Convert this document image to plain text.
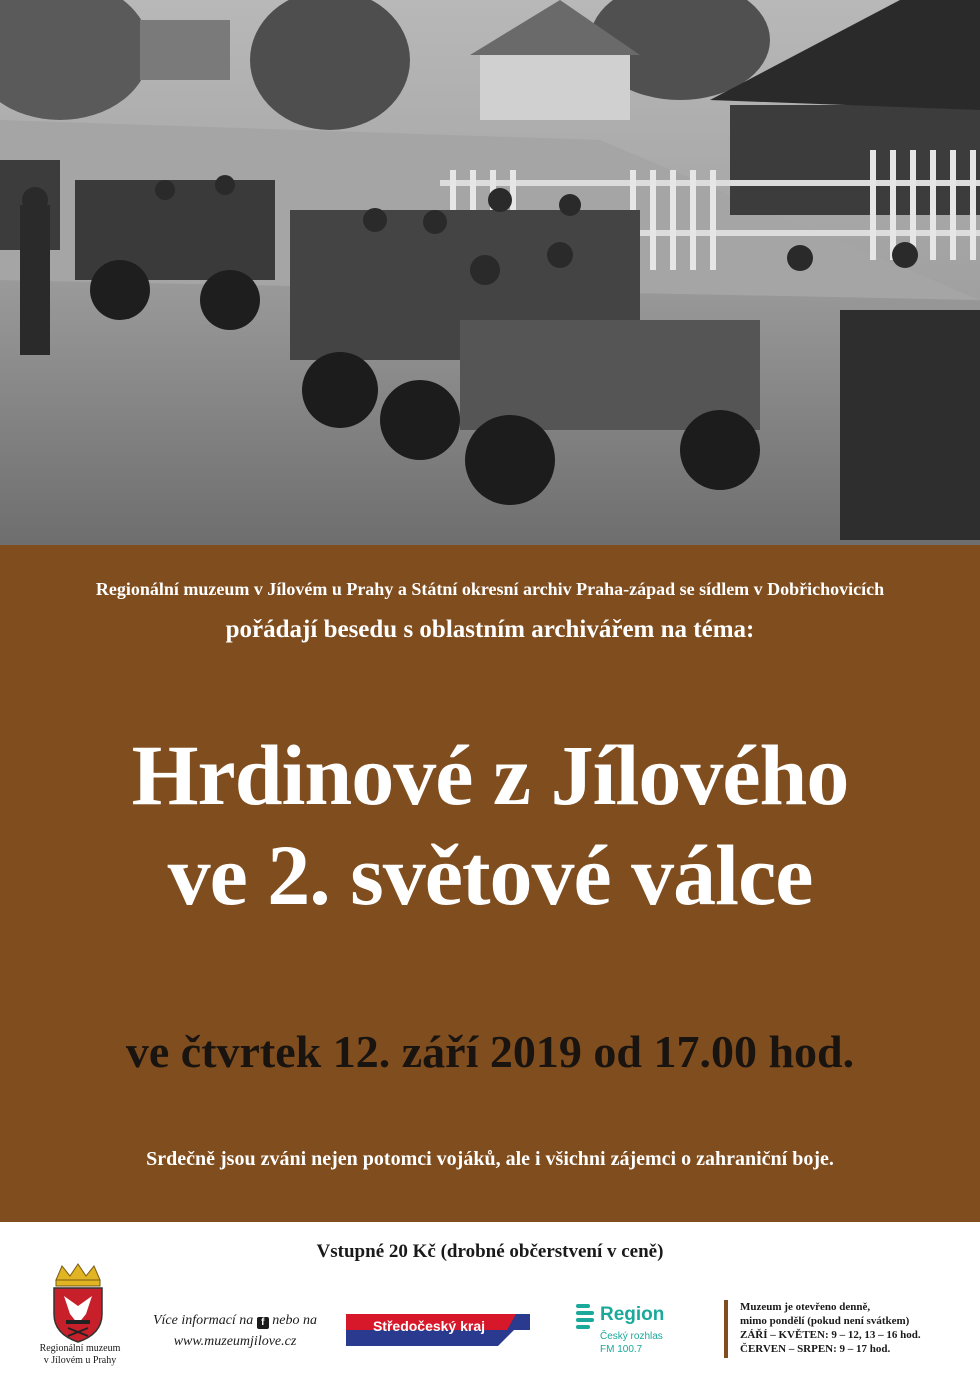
Regionální muzeum v Jílovém u Prahy a Státní okresní archiv Praha-západ se sídlem v Dobřichovicích
pořádají besedu s oblastním archivářem na téma:
Hrdinové z Jílového
ve 2. světové válce
ve čtvrtek 12. září 2019 od 17.00 hod.
Srdečně jsou zváni nejen potomci vojáků, ale i všichni zájemci o zahraniční boje.
Vstupné 20 Kč (drobné občerstvení v ceně)
Regionální muzeum
v Jílovém u Prahy
Více informací na f nebo na
www.muzeumjilove.cz
Středočeský kraj
Region
Český rozhlas
FM 100.7
Muzeum je otevřeno denně,
mimo pondělí (pokud není svátkem)
ZÁŘÍ – KVĚTEN: 9 – 12, 13 – 16 hod.
ČERVEN – SRPEN: 9 – 17 hod.
